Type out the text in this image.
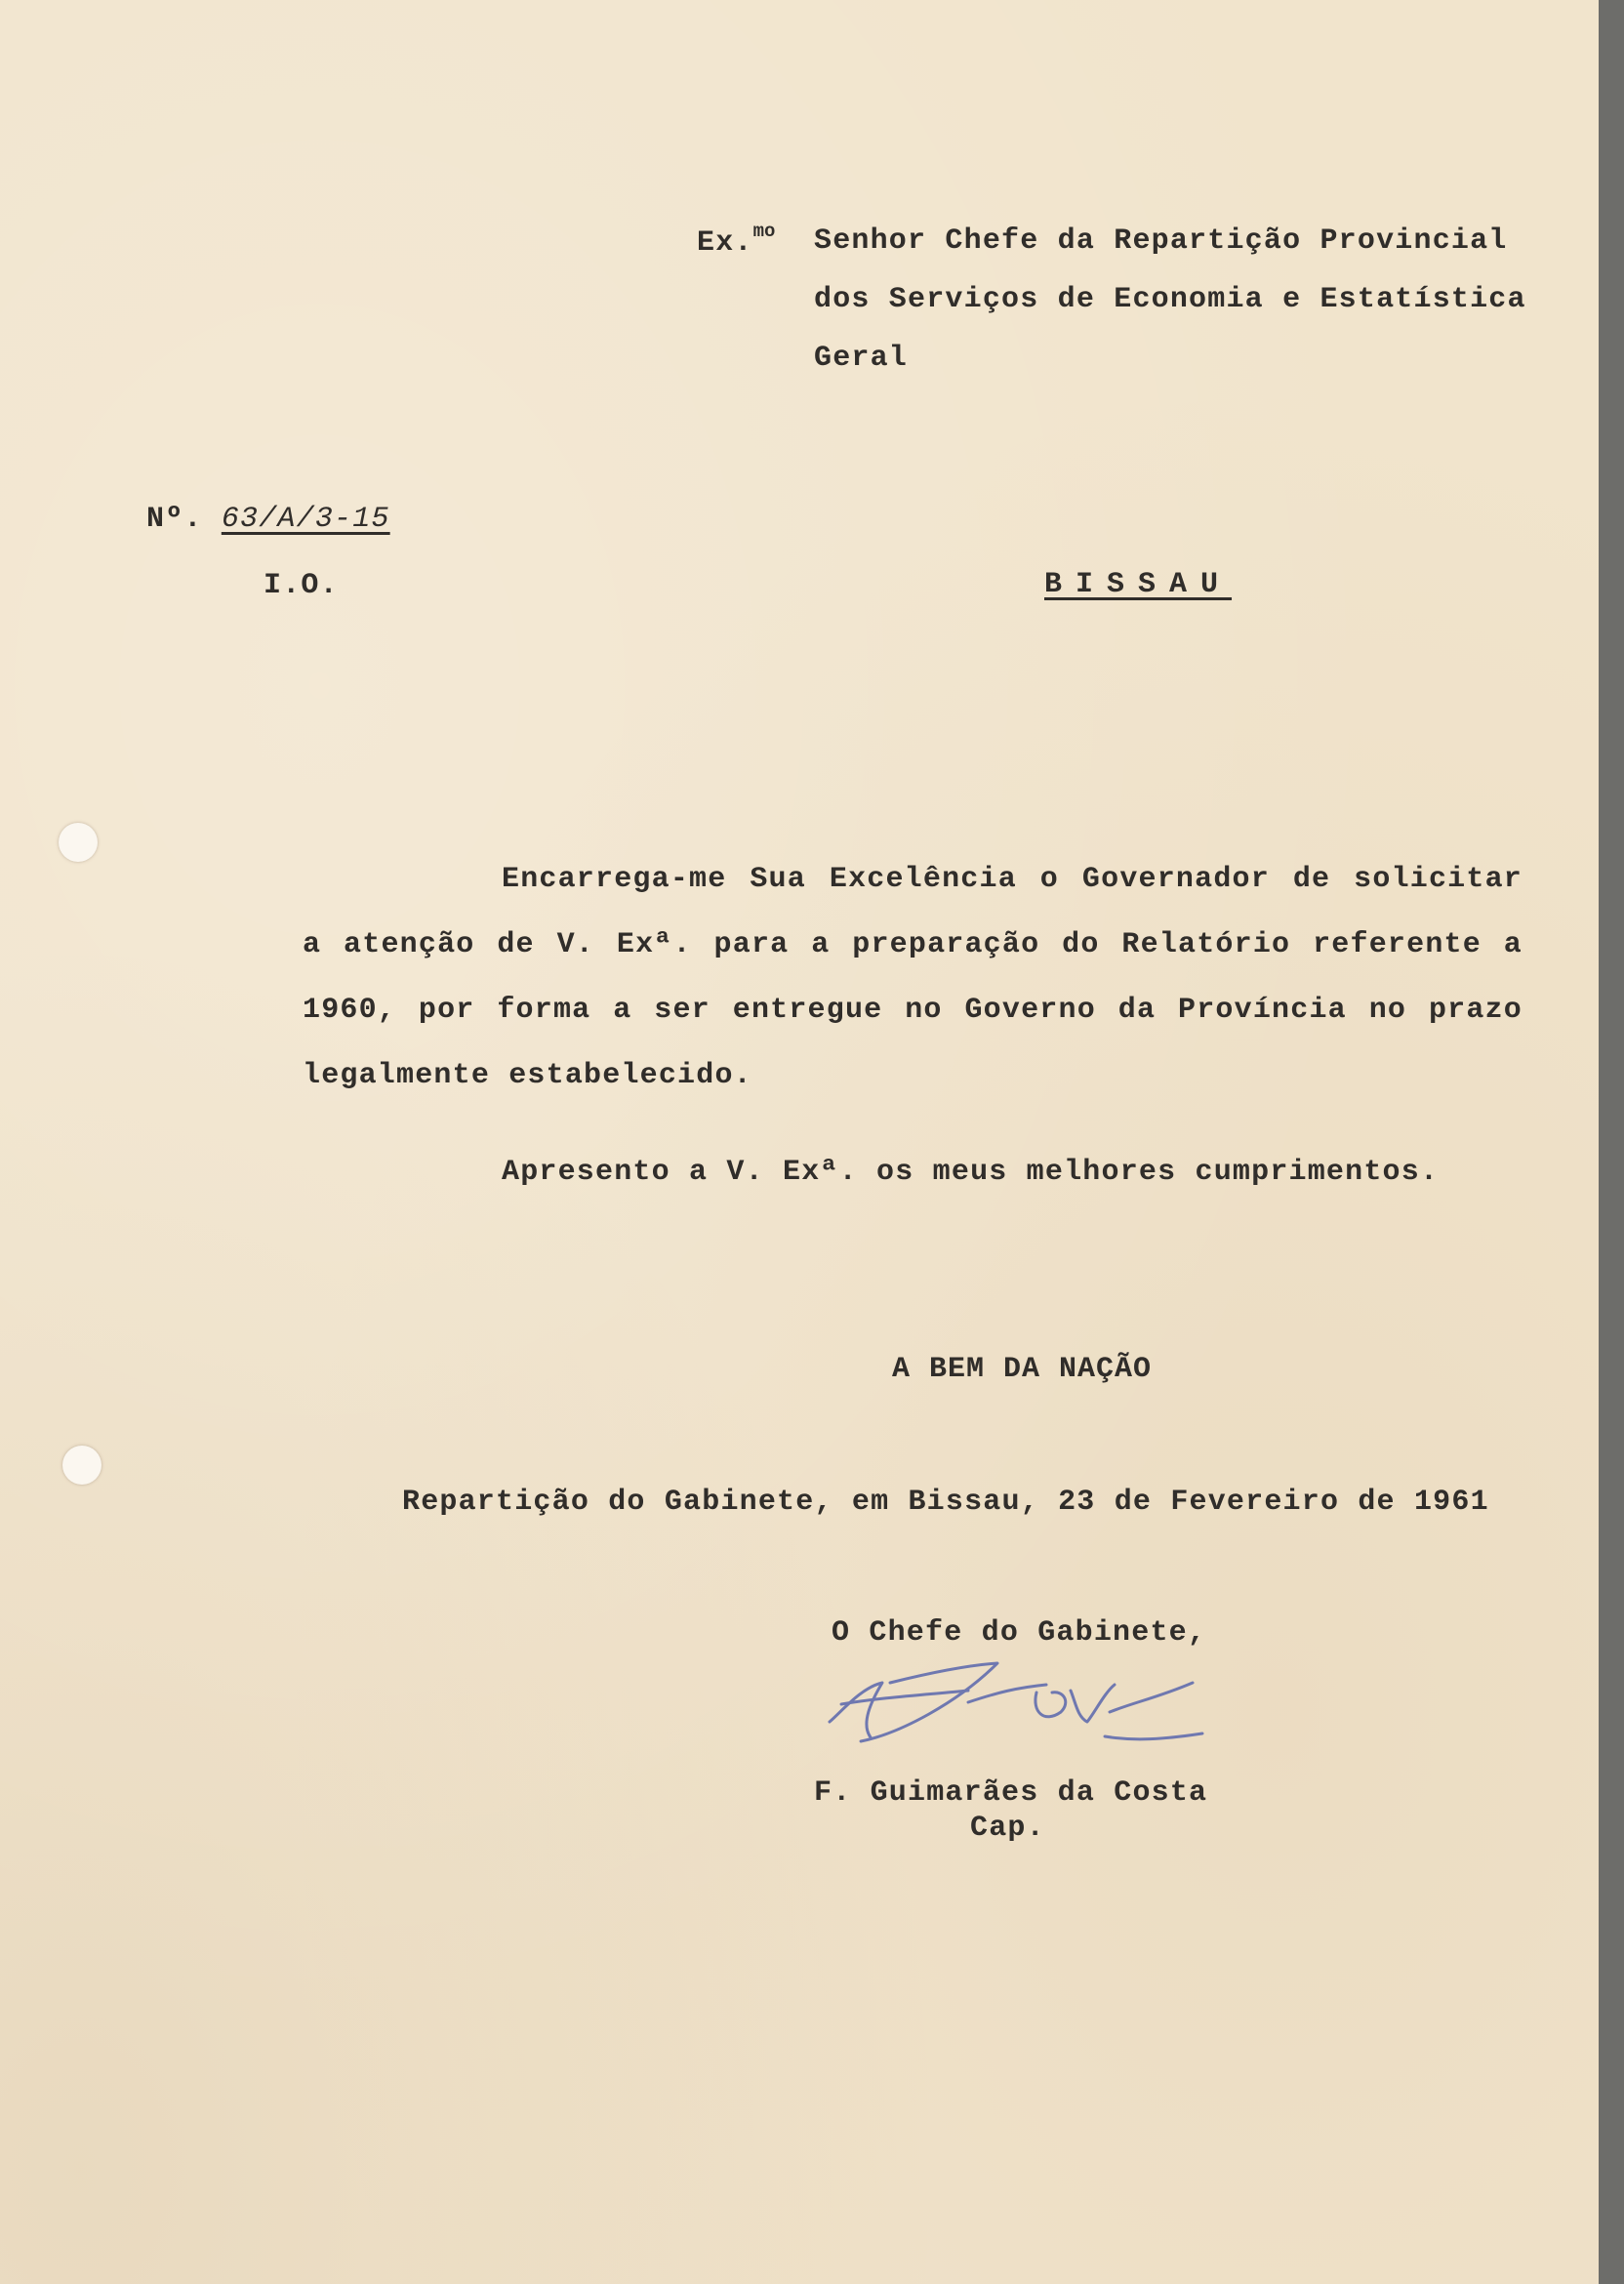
Ex.$^{mo}$ Senhor Chefe da Repartição Provincial
dos Serviços de Economia e Estatística
Geral
Nº. 63/A/3-15
I.O.	BISSAU

Encarrega-me Sua Excelência o Governador de solicitar a atenção de V. Exª. para a preparação do Relatório referente a 1960, por forma a ser entregue no Governo da Província no prazo legalmente estabelecido.

Apresento a V. Exª. os meus melhores cumprimentos.
A BEM DA NAÇÃO
Repartição do Gabinete, em Bissau, 23 de Fevereiro de 1961
O Chefe do Gabinete,
F. Guimarães da Costa
Cap.
